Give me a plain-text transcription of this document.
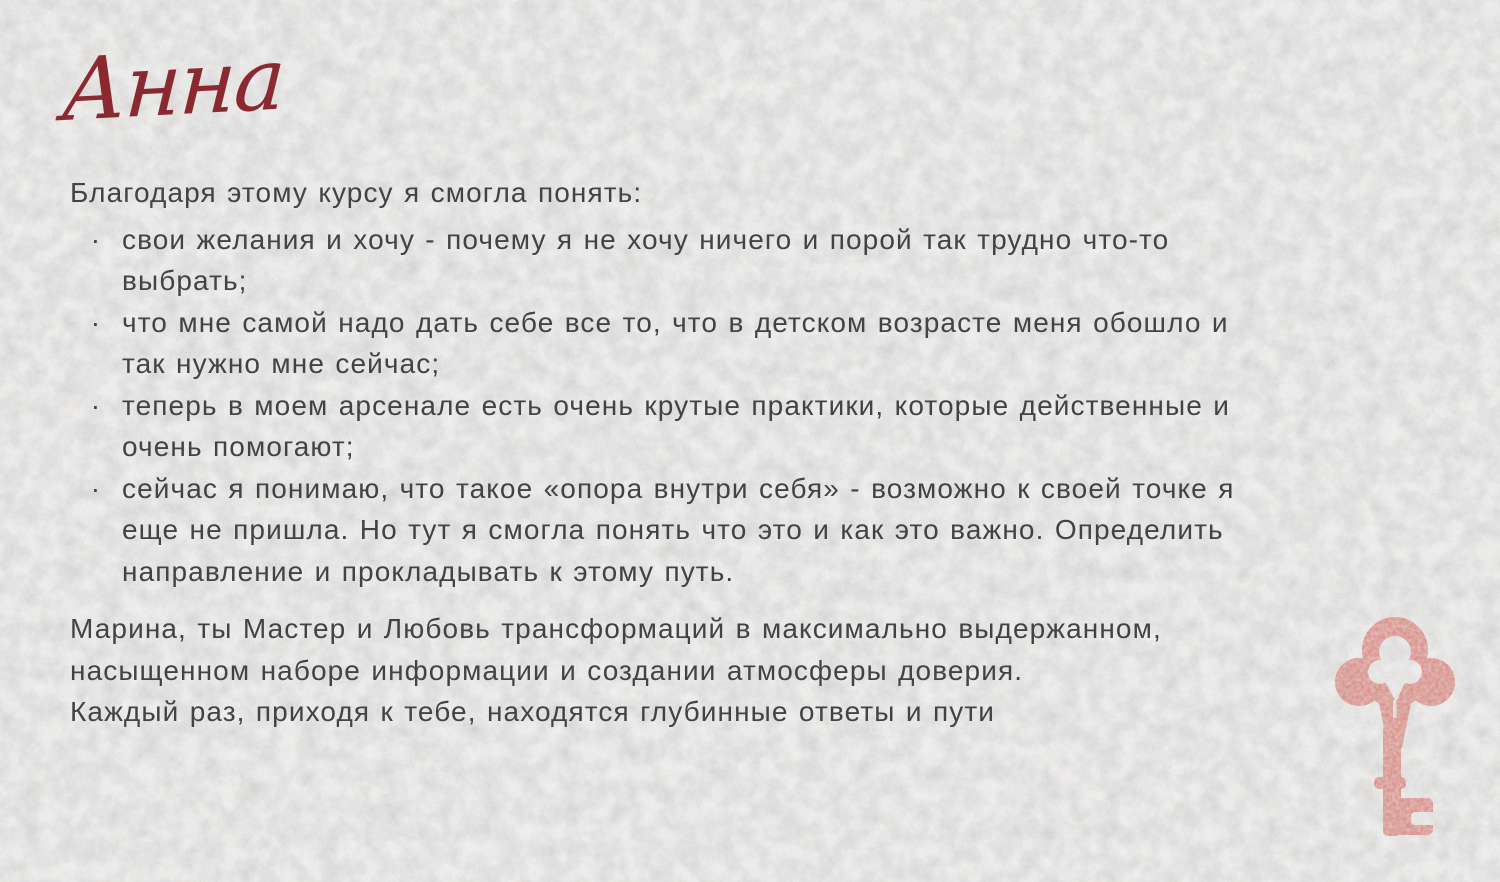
Анна

Благодаря этому курсу я смогла понять:

· свои желания и хочу - почему я не хочу ничего и порой так трудно что-то
выбрать;
· что мне самой надо дать себе все то, что в детском возрасте меня обошло и
так нужно мне сейчас;
· теперь в моем арсенале есть очень крутые практики, которые действенные и
очень помогают;
· сейчас я понимаю, что такое «опора внутри себя» - возможно к своей точке я
еще не пришла. Но тут я смогла понять что это и как это важно. Определить
направление и прокладывать к этому путь.
Марина, ты Мастер и Любовь трансформаций в максимально выдержанном,
насыщенном наборе информации и создании атмосферы доверия.
Каждый раз, приходя к тебе, находятся глубинные ответы и пути
